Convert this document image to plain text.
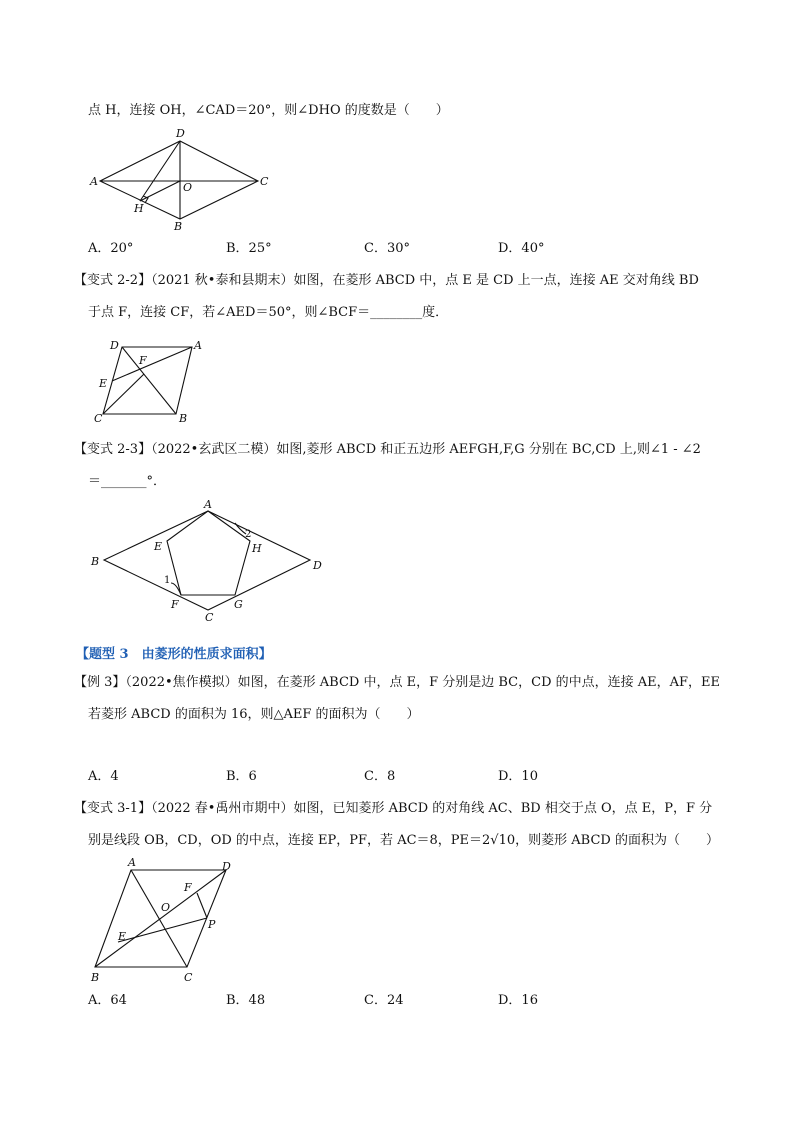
点 H，连接 OH，∠CAD＝20°，则∠DHO 的度数是（　　）
D
A	O	C
H
B
A．20°	B．25°	C．30°	D．40°
【变式 2-2】（2021 秋•泰和县期末）如图，在菱形 ABCD 中，点 E 是 CD 上一点，连接 AE 交对角线 BD
于点 F，连接 CF，若∠AED＝50°，则∠BCF＝________度．
D	A
F
E
C	B
【变式 2-3】（2022•玄武区二模）如图,菱形 ABCD 和正五边形 AEFGH,F,G 分别在 BC,CD 上,则∠1 - ∠2
＝_______°．
A
E	H
2
B	D
1
F	G
C
【题型 3　由菱形的性质求面积】
【例 3】（2022•焦作模拟）如图，在菱形 ABCD 中，点 E，F 分别是边 BC，CD 的中点，连接 AE，AF，EE
若菱形 ABCD 的面积为 16，则△AEF 的面积为（　　）
A．4	B．6	C．8	D．10
【变式 3-1】（2022 春•禹州市期中）如图，已知菱形 ABCD 的对角线 AC、BD 相交于点 O，点 E，P，F 分
别是线段 OB，CD，OD 的中点，连接 EP，PF，若 AC＝8，PE＝2√10，则菱形 ABCD 的面积为（　　）
A	D
F
O
P
E
B	C
A．64	B．48	C．24	D．16
